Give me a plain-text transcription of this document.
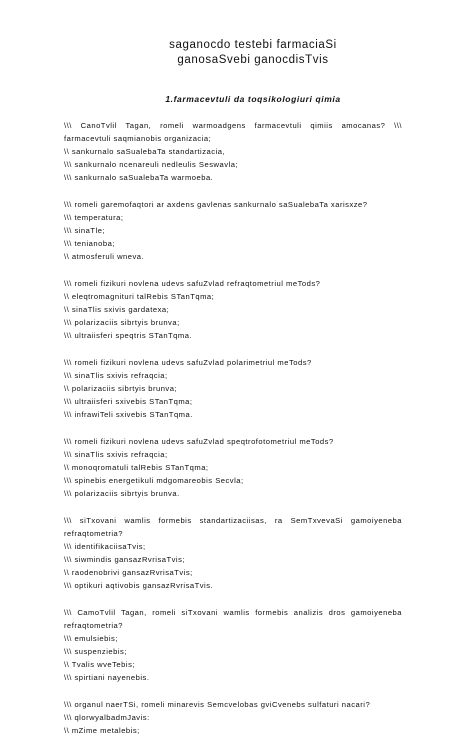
saganocdo testebi farmaciaSi
ganosaSvebi ganocdisTvis
1.farmacevtuli da toqsikologiuri qimia
\\\ CanoTvlil Tagan, romeli warmoadgens farmacevtuli qimiis amocanas? \\\
farmacevtuli saqmianobis organizacia;
\\ sankurnalo saSualebaTa standartizacia,
\\\ sankurnalo ncenareuli nedleulis Seswavla;
\\\ sankurnalo saSualebaTa warmoeba.
\\\ romeli garemofaqtori ar axdens gavlenas sankurnalo saSualebaTa xarisxze?
\\\ temperatura;
\\\ sinaTle;
\\\ tenianoba;
\\ atmosferuli wneva.
\\\ romeli fizikuri novlena udevs safuZvlad refraqtometriul meTods?
\\ eleqtromagnituri talRebis STanTqma;
\\ sinaTlis sxivis gardatexa;
\\\ polarizaciis sibrtyis brunva;
\\\ ultraiisferi speqtris STanTqma.
\\\ romeli fizikuri novlena udevs safuZvlad polarimetriul meTods?
\\\ sinaTlis sxivis refraqcia;
\\ polarizaciis sibrtyis brunva;
\\\ ultraiisferi sxivebis STanTqma;
\\\ infrawiTeli sxivebis STanTqma.
\\\ romeli fizikuri novlena udevs safuZvlad speqtrofotometriul meTods?
\\\ sinaTlis sxivis refraqcia;
\\ monoqromatuli talRebis STanTqma;
\\\ spinebis energetikuli mdgomareobis Secvla;
\\\ polarizaciis sibrtyis brunva.
\\\ siTxovani wamlis formebis standartizaciisas, ra SemTxvevaSi gamoiyeneba
refraqtometria?
\\\ identifikaciisaTvis;
\\\ siwmindis gansazRvrisaTvis;
\\ raodenobrivi gansazRvrisaTvis;
\\\ optikuri aqtivobis gansazRvrisaTvis.
\\\ CamoTvlil Tagan, romeli siTxovani wamlis formebis analizis dros gamoiyeneba
refraqtometria?
\\\ emulsiebis;
\\\ suspenziebis;
\\ Tvalis wveTebis;
\\\ spirtiani nayenebis.
\\\ organul naerTSi, romeli minarevis Semcvelobas gviCvenebs sulfaturi nacari?
\\\ qlorwyalbadmJavis:
\\ mZime metalebis;
